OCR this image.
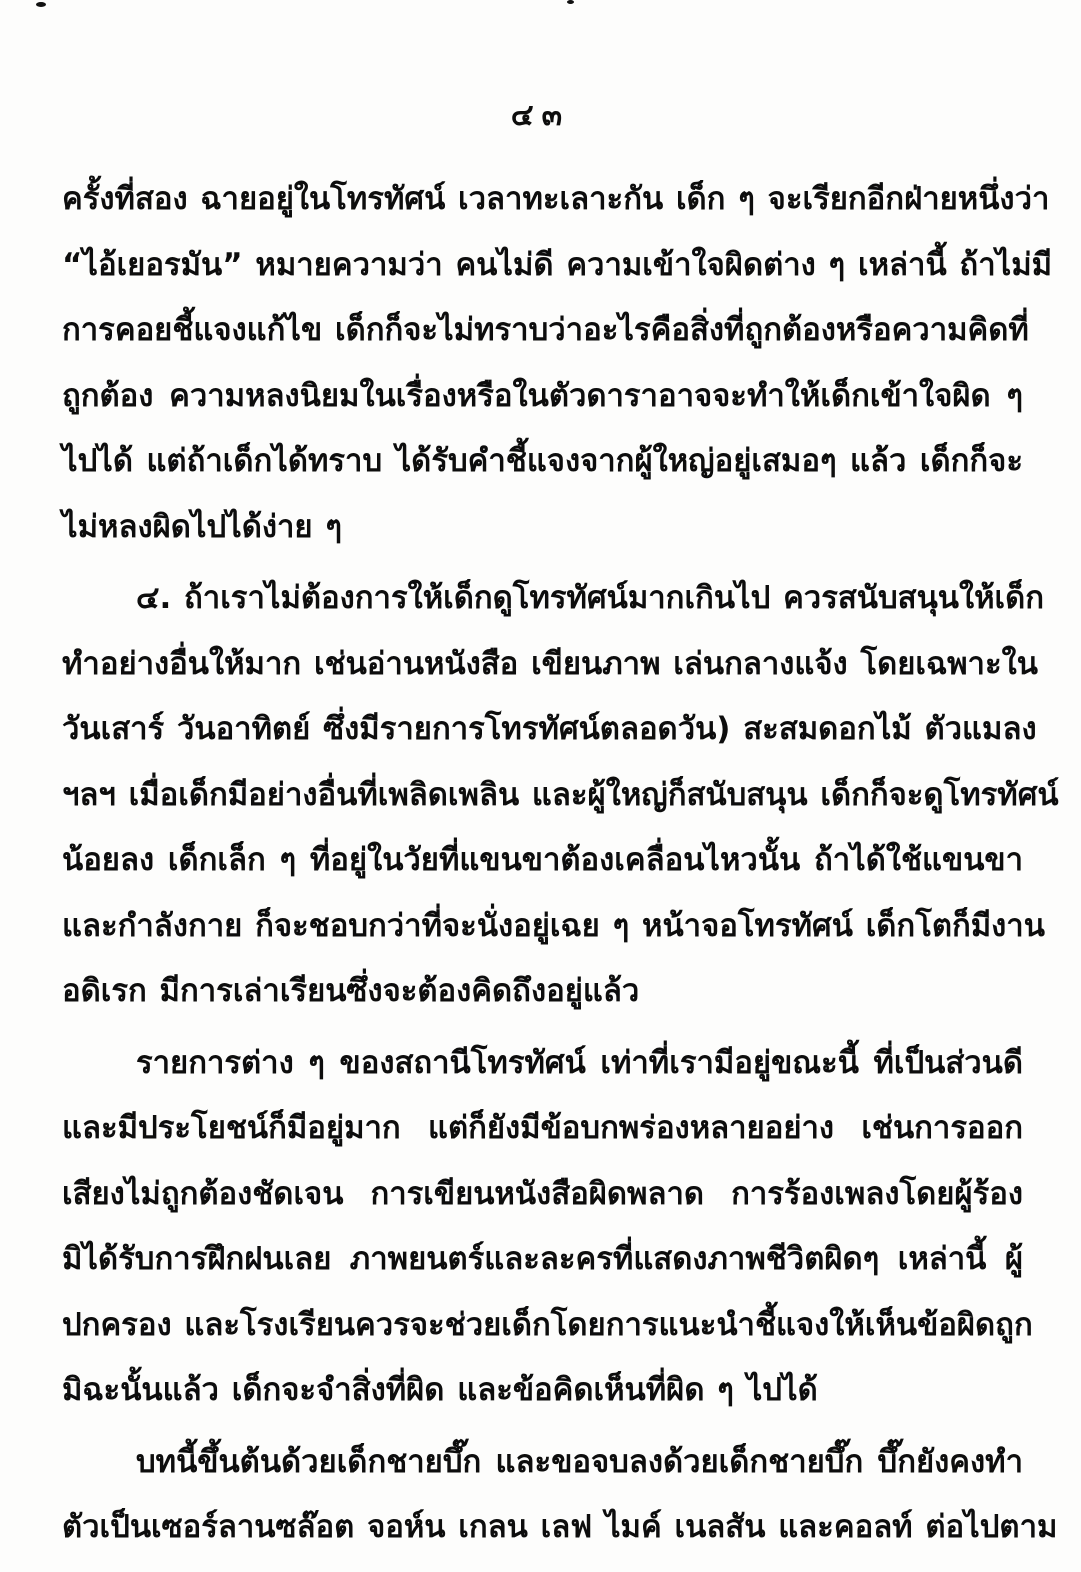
๔๓
ครั้งที่สอง ฉายอยู่ในโทรทัศน์ เวลาทะเลาะกัน เด็ก ๆ จะเรียกอีกฝ่ายหนึ่งว่า
“ไอ้เยอรมัน” หมายความว่า คนไม่ดี ความเข้าใจผิดต่าง ๆ เหล่านี้ ถ้าไม่มี
การคอยชี้แจงแก้ไข เด็กก็จะไม่ทราบว่าอะไรคือสิ่งที่ถูกต้องหรือความคิดที่
ถูกต้อง ความหลงนิยมในเรื่องหรือในตัวดาราอาจจะทำให้เด็กเข้าใจผิด ๆ
ไปได้ แต่ถ้าเด็กได้ทราบ ได้รับคำชี้แจงจากผู้ใหญ่อยู่เสมอๆ แล้ว เด็กก็จะ
ไม่หลงผิดไปได้ง่าย ๆ
๔. ถ้าเราไม่ต้องการให้เด็กดูโทรทัศน์มากเกินไป ควรสนับสนุนให้เด็ก
ทำอย่างอื่นให้มาก เช่นอ่านหนังสือ เขียนภาพ เล่นกลางแจ้ง โดยเฉพาะใน
วันเสาร์ วันอาทิตย์ ซึ่งมีรายการโทรทัศน์ตลอดวัน) สะสมดอกไม้ ตัวแมลง
ฯลฯ เมื่อเด็กมีอย่างอื่นที่เพลิดเพลิน และผู้ใหญ่ก็สนับสนุน เด็กก็จะดูโทรทัศน์
น้อยลง เด็กเล็ก ๆ ที่อยู่ในวัยที่แขนขาต้องเคลื่อนไหวนั้น ถ้าได้ใช้แขนขา
และกำลังกาย ก็จะชอบกว่าที่จะนั่งอยู่เฉย ๆ หน้าจอโทรทัศน์ เด็กโตก็มีงาน
อดิเรก มีการเล่าเรียนซึ่งจะต้องคิดถึงอยู่แล้ว
รายการต่าง ๆ ของสถานีโทรทัศน์ เท่าที่เรามีอยู่ขณะนี้ ที่เป็นส่วนดี
และมีประโยชน์ก็มีอยู่มาก แต่ก็ยังมีข้อบกพร่องหลายอย่าง เช่นการออก
เสียงไม่ถูกต้องชัดเจน การเขียนหนังสือผิดพลาด การร้องเพลงโดยผู้ร้อง
มิได้รับการฝึกฝนเลย ภาพยนตร์และละครที่แสดงภาพชีวิตผิดๆ เหล่านี้ ผู้
ปกครอง และโรงเรียนควรจะช่วยเด็กโดยการแนะนำชี้แจงให้เห็นข้อผิดถูก
มิฉะนั้นแล้ว เด็กจะจำสิ่งที่ผิด และข้อคิดเห็นที่ผิด ๆ ไปได้
บทนี้ขึ้นต้นด้วยเด็กชายบึ๊ก และขอจบลงด้วยเด็กชายบึ๊ก บึ๊กยังคงทำ
ตัวเป็นเซอร์ลานซล๊อต จอห์น เกลน เลฟ ไมค์ เนลสัน และคอลท์ ต่อไปตาม
